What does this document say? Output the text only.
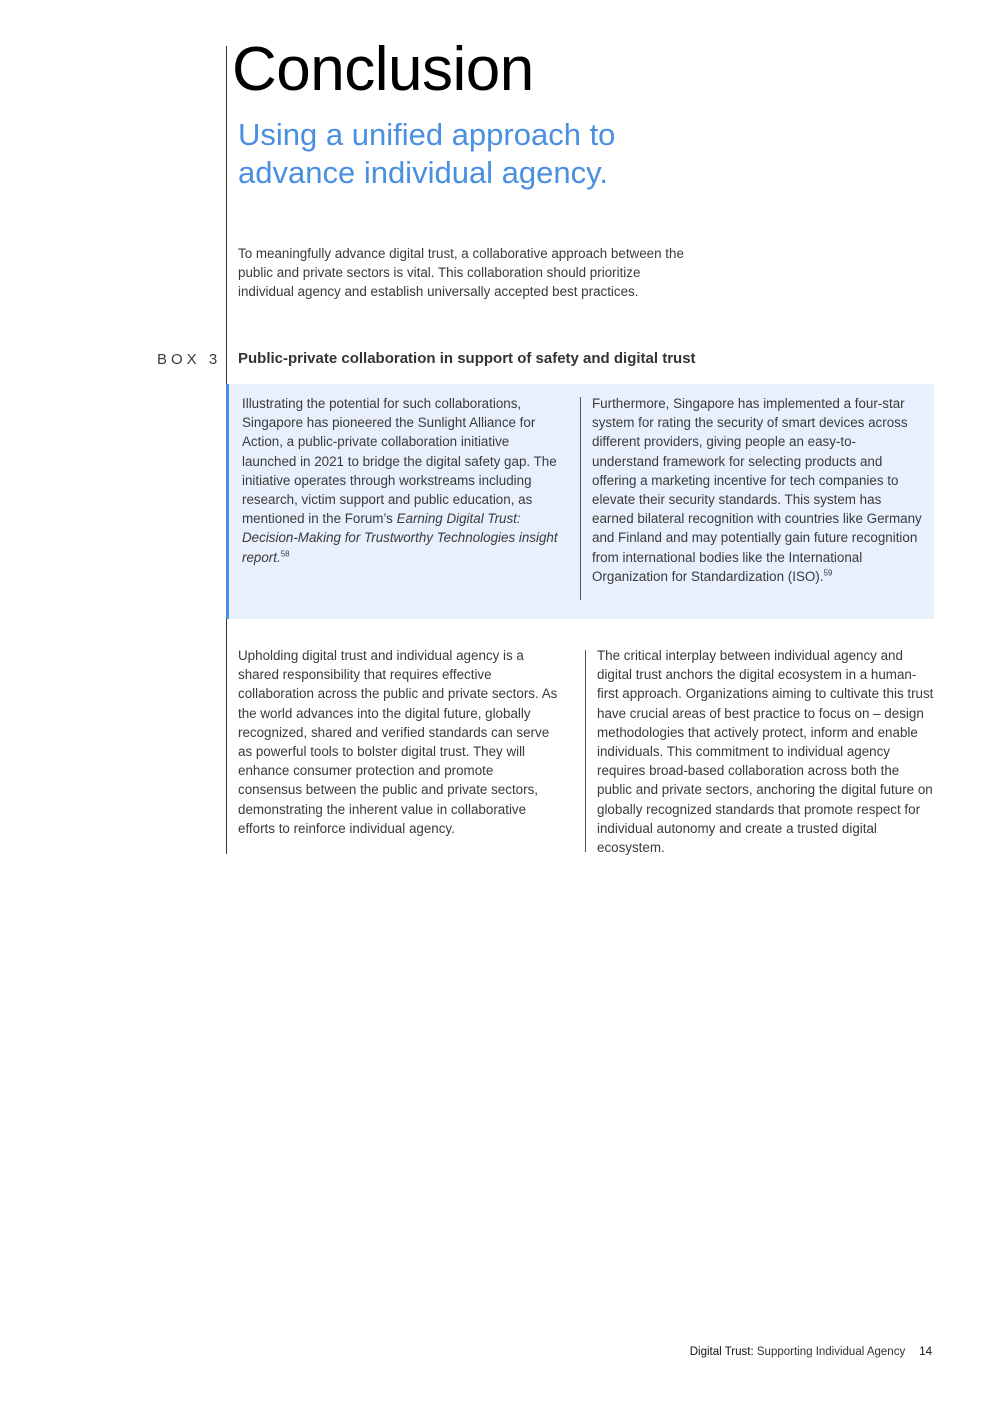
Conclusion
Using a unified approach to advance individual agency.

To meaningfully advance digital trust, a collaborative approach between the public and private sectors is vital. This collaboration should prioritize individual agency and establish universally accepted best practices.

BOX 3 Public-private collaboration in support of safety and digital trust

Illustrating the potential for such collaborations, Singapore has pioneered the Sunlight Alliance for Action, a public-private collaboration initiative launched in 2021 to bridge the digital safety gap. The initiative operates through workstreams including research, victim support and public education, as mentioned in the Forum’s Earning Digital Trust: Decision-Making for Trustworthy Technologies insight report.$^{58}$

Furthermore, Singapore has implemented a four-star system for rating the security of smart devices across different providers, giving people an easy-to-understand framework for selecting products and offering a marketing incentive for tech companies to elevate their security standards. This system has earned bilateral recognition with countries like Germany and Finland and may potentially gain future recognition from international bodies like the International Organization for Standardization (ISO).$^{59}$

Upholding digital trust and individual agency is a shared responsibility that requires effective collaboration across the public and private sectors. As the world advances into the digital future, globally recognized, shared and verified standards can serve as powerful tools to bolster digital trust. They will enhance consumer protection and promote consensus between the public and private sectors, demonstrating the inherent value in collaborative efforts to reinforce individual agency.

The critical interplay between individual agency and digital trust anchors the digital ecosystem in a human-first approach. Organizations aiming to cultivate this trust have crucial areas of best practice to focus on – design methodologies that actively protect, inform and enable individuals. This commitment to individual agency requires broad-based collaboration across both the public and private sectors, anchoring the digital future on globally recognized standards that promote respect for individual autonomy and create a trusted digital ecosystem.

Digital Trust: Supporting Individual Agency 14
